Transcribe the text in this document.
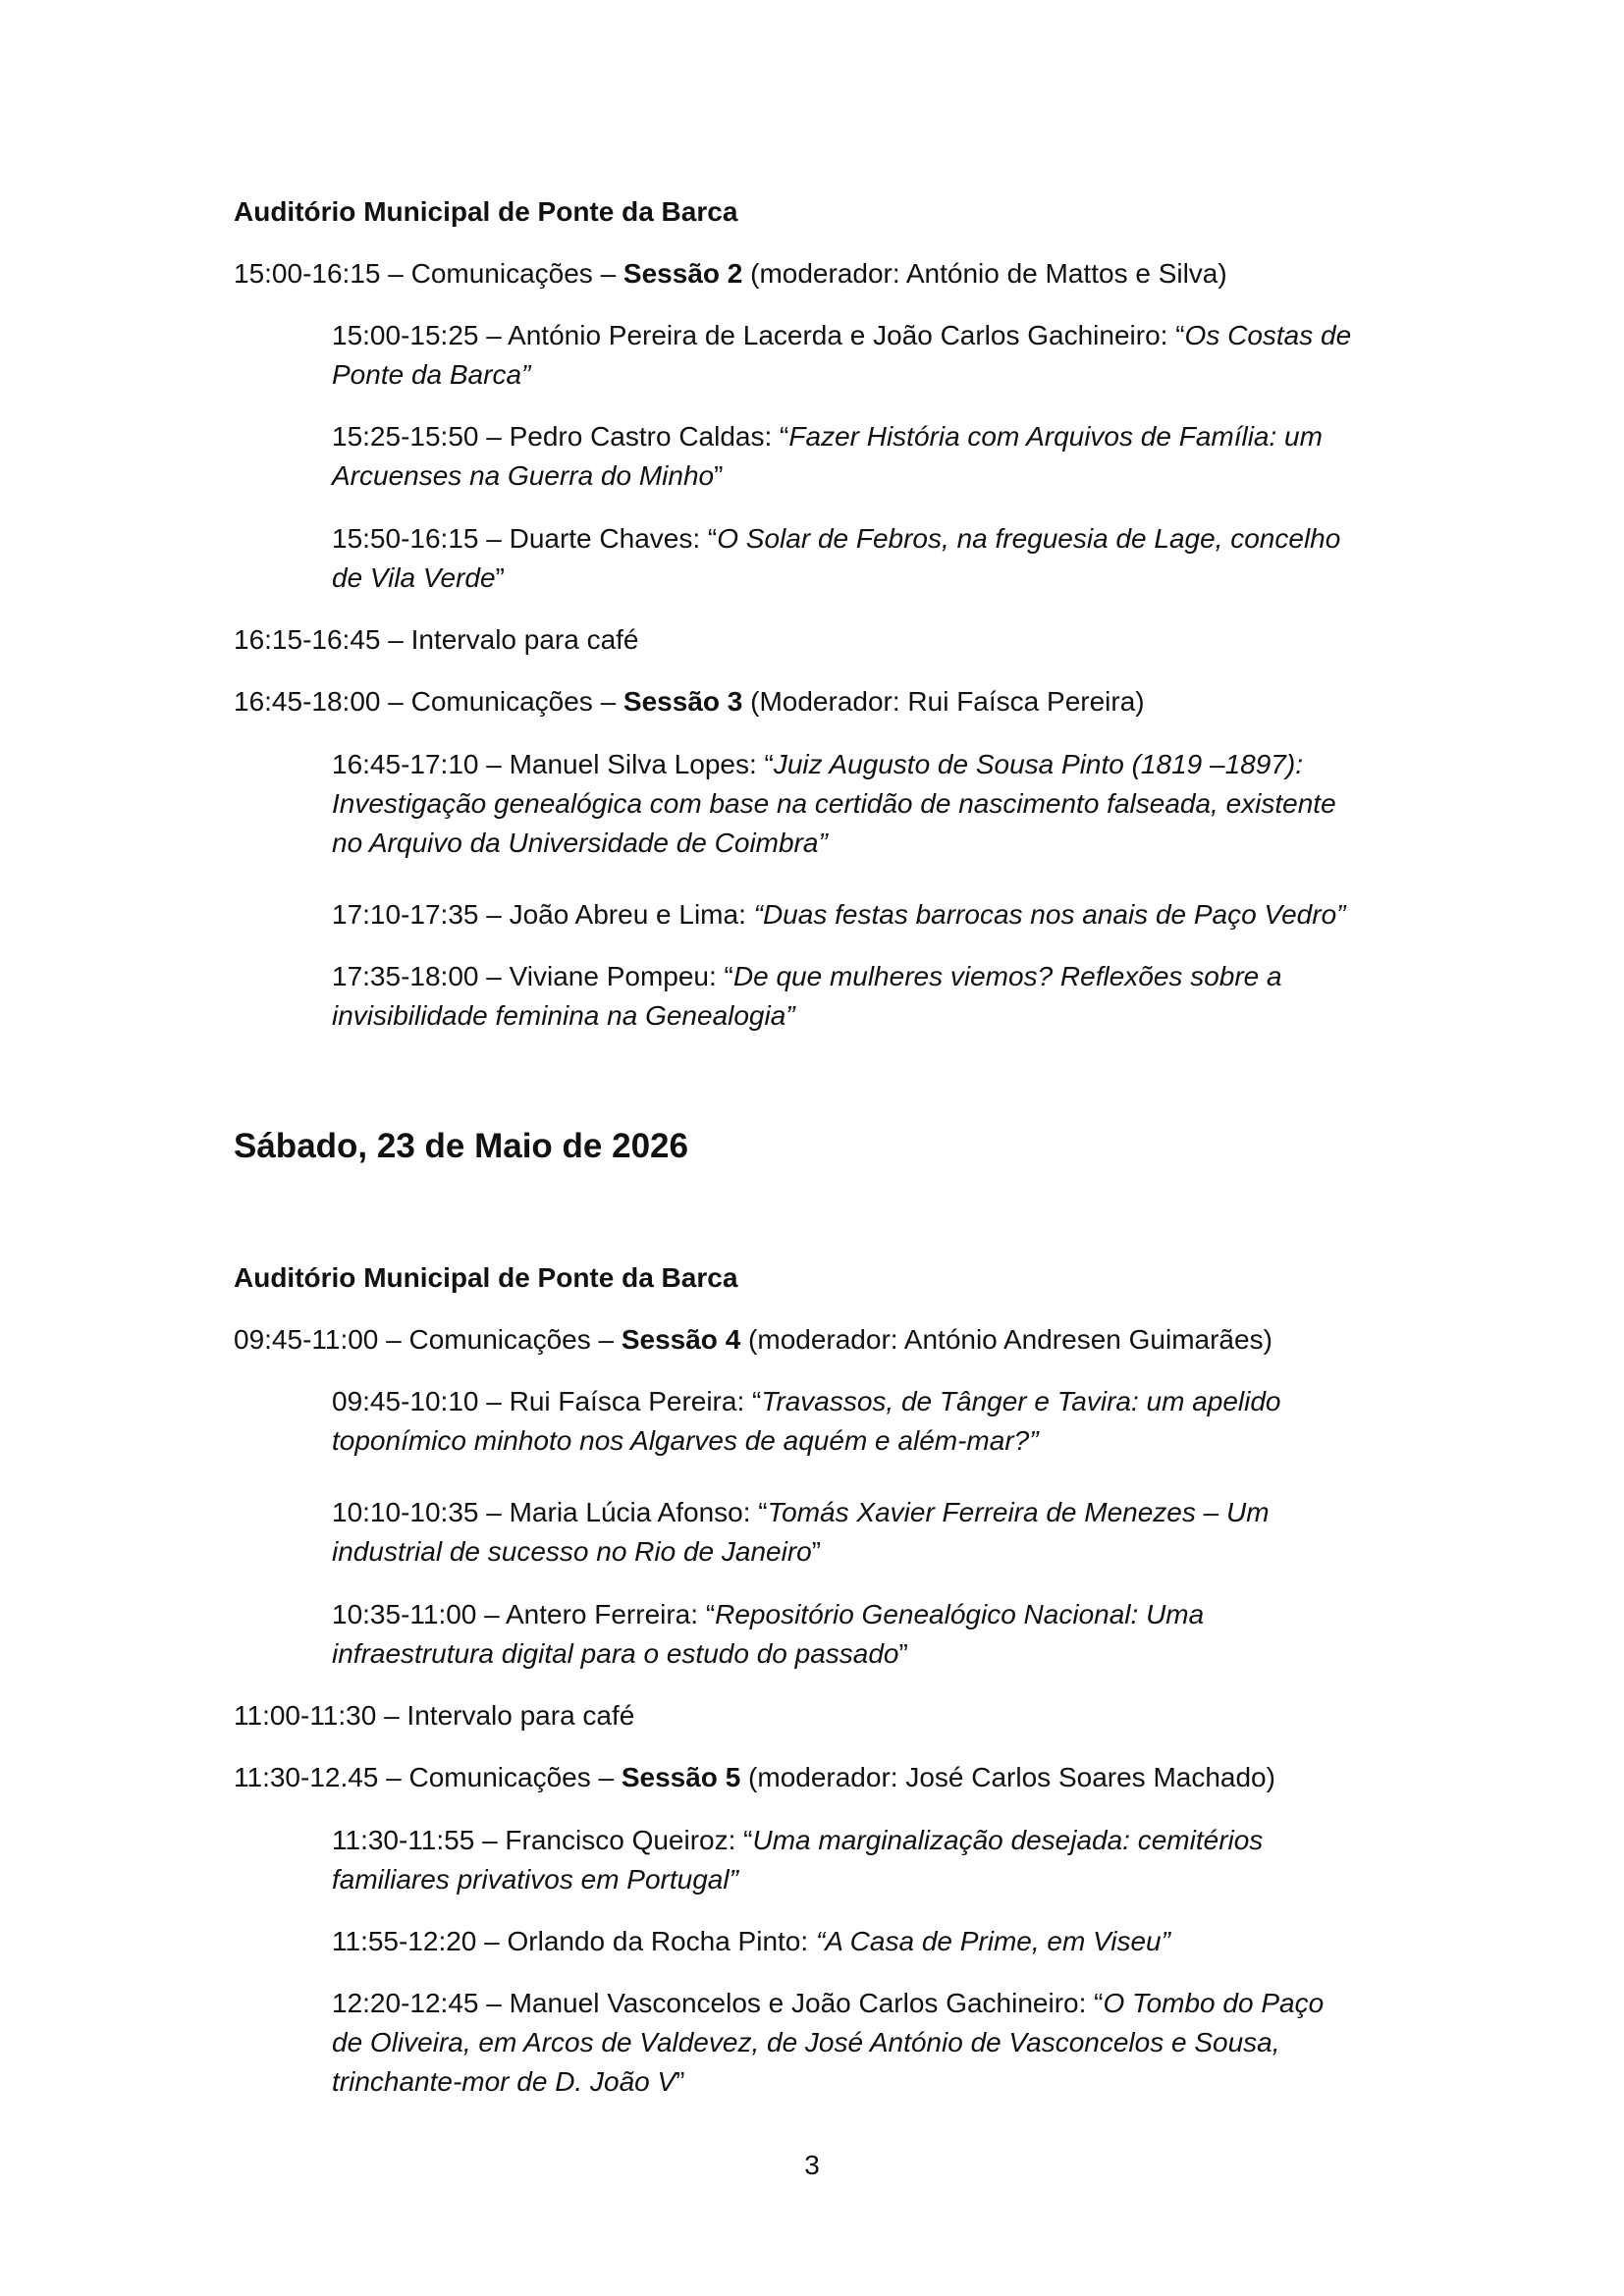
Auditório Municipal de Ponte da Barca
15:00-16:15 – Comunicações – Sessão 2 (moderador: António de Mattos e Silva)
15:00-15:25 – António Pereira de Lacerda e João Carlos Gachineiro: “Os Costas de
Ponte da Barca”
15:25-15:50 – Pedro Castro Caldas: “Fazer História com Arquivos de Família: um
Arcuenses na Guerra do Minho”
15:50-16:15 – Duarte Chaves: “O Solar de Febros, na freguesia de Lage, concelho
de Vila Verde”
16:15-16:45 – Intervalo para café
16:45-18:00 – Comunicações – Sessão 3 (Moderador: Rui Faísca Pereira)
16:45-17:10 – Manuel Silva Lopes: “Juiz Augusto de Sousa Pinto (1819 –1897):
Investigação genealógica com base na certidão de nascimento falseada, existente
no Arquivo da Universidade de Coimbra”
17:10-17:35 – João Abreu e Lima: “Duas festas barrocas nos anais de Paço Vedro”
17:35-18:00 – Viviane Pompeu: “De que mulheres viemos? Reflexões sobre a
invisibilidade feminina na Genealogia”
Sábado, 23 de Maio de 2026
Auditório Municipal de Ponte da Barca
09:45-11:00 – Comunicações – Sessão 4 (moderador: António Andresen Guimarães)
09:45-10:10 – Rui Faísca Pereira: “Travassos, de Tânger e Tavira: um apelido
toponímico minhoto nos Algarves de aquém e além-mar?”
10:10-10:35 – Maria Lúcia Afonso: “Tomás Xavier Ferreira de Menezes – Um
industrial de sucesso no Rio de Janeiro”
10:35-11:00 – Antero Ferreira: “Repositório Genealógico Nacional: Uma
infraestrutura digital para o estudo do passado”
11:00-11:30 – Intervalo para café
11:30-12.45 – Comunicações – Sessão 5 (moderador: José Carlos Soares Machado)
11:30-11:55 – Francisco Queiroz: “Uma marginalização desejada: cemitérios
familiares privativos em Portugal”
11:55-12:20 – Orlando da Rocha Pinto: “A Casa de Prime, em Viseu”
12:20-12:45 – Manuel Vasconcelos e João Carlos Gachineiro: “O Tombo do Paço
de Oliveira, em Arcos de Valdevez, de José António de Vasconcelos e Sousa,
trinchante-mor de D. João V”
3
